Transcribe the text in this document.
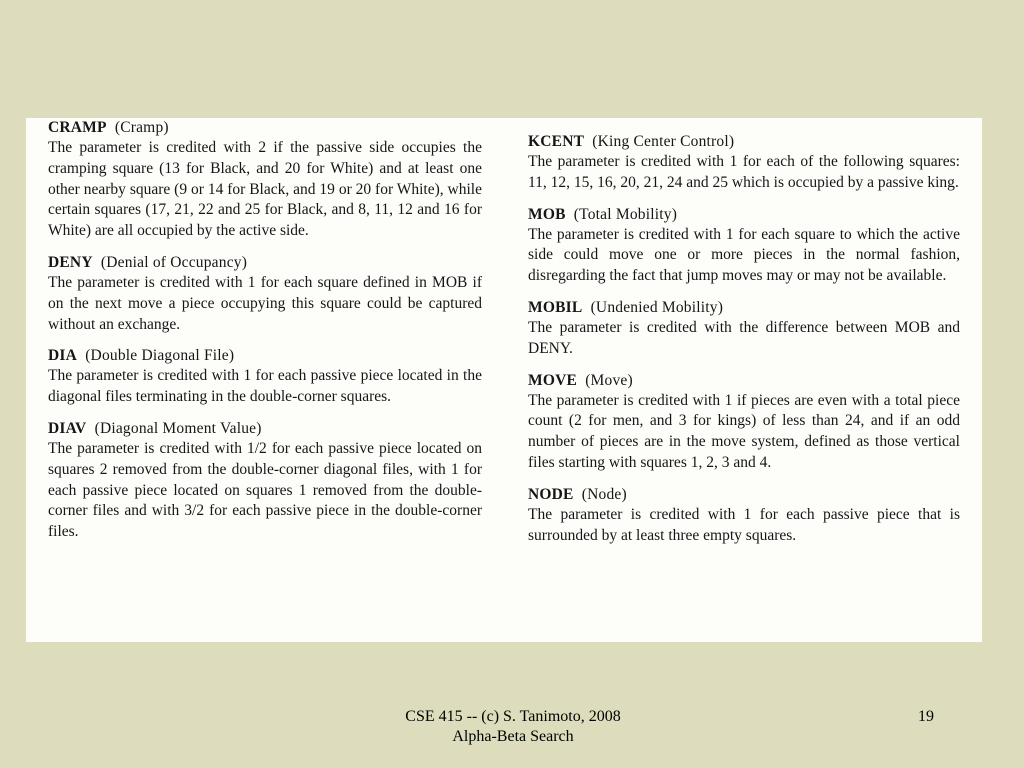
CRAMP (Cramp)

The parameter is credited with 2 if the passive side occupies the cramping square (13 for Black, and 20 for White) and at least one other nearby square (9 or 14 for Black, and 19 or 20 for White), while certain squares (17, 21, 22 and 25 for Black, and 8, 11, 12 and 16 for White) are all occupied by the active side.

DENY (Denial of Occupancy)

The parameter is credited with 1 for each square defined in MOB if on the next move a piece occupying this square could be captured without an exchange.

DIA (Double Diagonal File)

The parameter is credited with 1 for each passive piece located in the diagonal files terminating in the double-corner squares.

DIAV (Diagonal Moment Value)

The parameter is credited with 1/2 for each passive piece located on squares 2 removed from the double-corner diagonal files, with 1 for each passive piece located on squares 1 removed from the double-corner files and with 3/2 for each passive piece in the double-corner files.

KCENT (King Center Control)

The parameter is credited with 1 for each of the following squares: 11, 12, 15, 16, 20, 21, 24 and 25 which is occupied by a passive king.

MOB (Total Mobility)

The parameter is credited with 1 for each square to which the active side could move one or more pieces in the normal fashion, disregarding the fact that jump moves may or may not be available.

MOBIL (Undenied Mobility)

The parameter is credited with the difference between MOB and DENY.

MOVE (Move)

The parameter is credited with 1 if pieces are even with a total piece count (2 for men, and 3 for kings) of less than 24, and if an odd number of pieces are in the move system, defined as those vertical files starting with squares 1, 2, 3 and 4.

NODE (Node)

The parameter is credited with 1 for each passive piece that is surrounded by at least three empty squares.

CSE 415 -- (c) S. Tanimoto, 2008
Alpha-Beta Search
19
